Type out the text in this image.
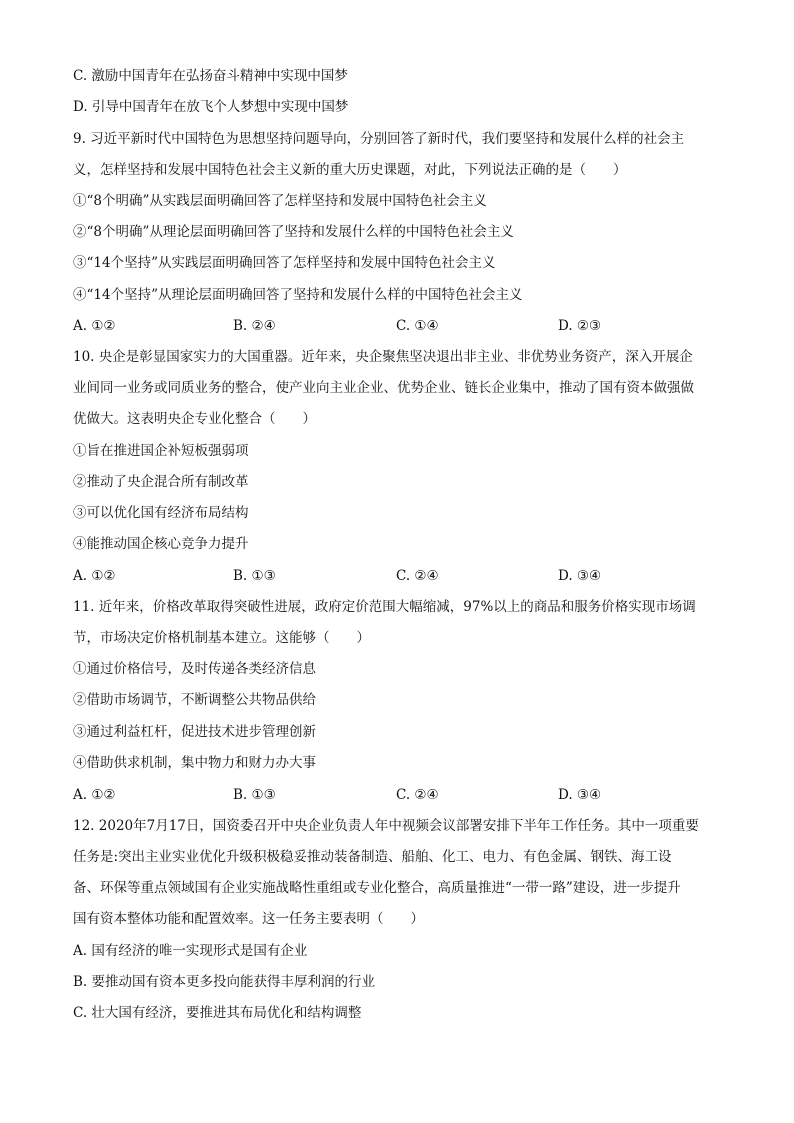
C. 激励中国青年在弘扬奋斗精神中实现中国梦
D. 引导中国青年在放飞个人梦想中实现中国梦
9. 习近平新时代中国特色为思想坚持问题导向，分别回答了新时代，我们要坚持和发展什么样的社会主
义，怎样坚持和发展中国特色社会主义新的重大历史课题，对此，下列说法正确的是（　　）
①“8个明确”从实践层面明确回答了怎样坚持和发展中国特色社会主义
②“8个明确”从理论层面明确回答了坚持和发展什么样的中国特色社会主义
③“14个坚持”从实践层面明确回答了怎样坚持和发展中国特色社会主义
④“14个坚持”从理论层面明确回答了坚持和发展什么样的中国特色社会主义
A. ①②	B. ②④	C. ①④	D. ②③
10. 央企是彰显国家实力的大国重器。近年来，央企聚焦坚决退出非主业、非优势业务资产，深入开展企
业间同一业务或同质业务的整合，使产业向主业企业、优势企业、链长企业集中，推动了国有资本做强做
优做大。这表明央企专业化整合（　　）
①旨在推进国企补短板强弱项
②推动了央企混合所有制改革
③可以优化国有经济布局结构
④能推动国企核心竞争力提升
A. ①②	B. ①③	C. ②④	D. ③④
11. 近年来，价格改革取得突破性进展，政府定价范围大幅缩减，97%以上的商品和服务价格实现市场调
节，市场决定价格机制基本建立。这能够（　　）
①通过价格信号，及时传递各类经济信息
②借助市场调节，不断调整公共物品供给
③通过利益杠杆，促进技术进步管理创新
④借助供求机制，集中物力和财力办大事
A. ①②	B. ①③	C. ②④	D. ③④
12. 2020年7月17日，国资委召开中央企业负责人年中视频会议部署安排下半年工作任务。其中一项重要
任务是:突出主业实业优化升级积极稳妥推动装备制造、船舶、化工、电力、有色金属、钢铁、海工设
备、环保等重点领域国有企业实施战略性重组或专业化整合，高质量推进“一带一路”建设，进一步提升
国有资本整体功能和配置效率。这一任务主要表明（　　）
A. 国有经济的唯一实现形式是国有企业
B. 要推动国有资本更多投向能获得丰厚利润的行业
C. 壮大国有经济，要推进其布局优化和结构调整
